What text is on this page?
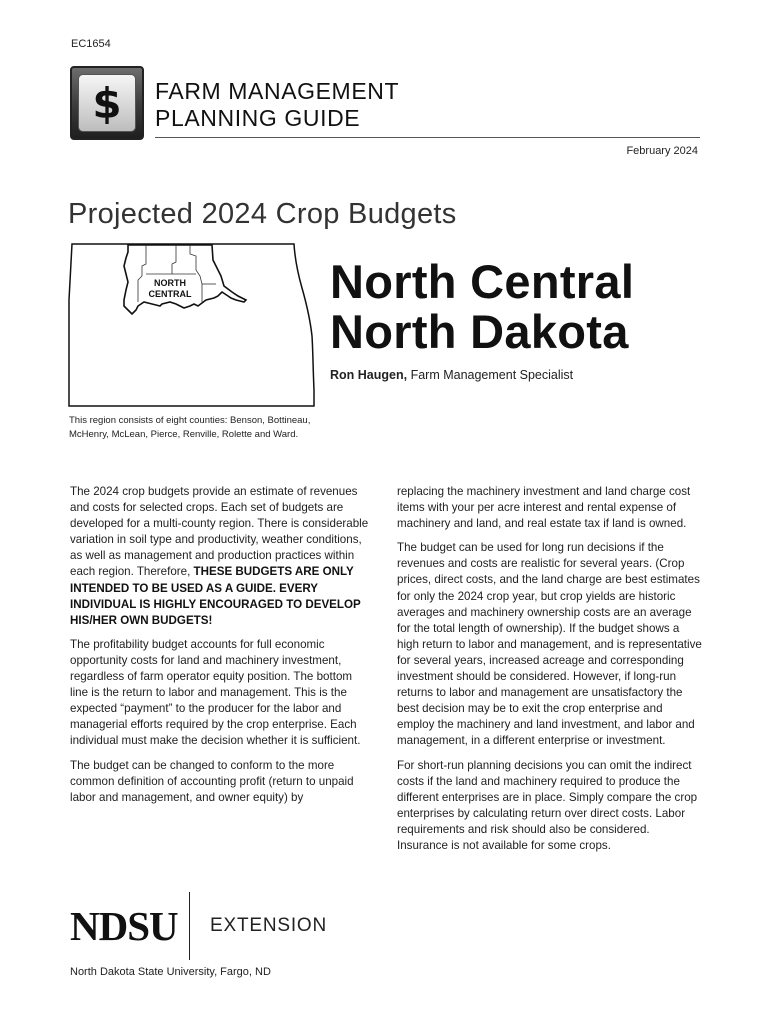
EC1654
$	FARM MANAGEMENT
PLANNING GUIDE
February 2024
Projected 2024 Crop Budgets
NORTH
CENTRAL	North Central
North Dakota
Ron Haugen, Farm Management Specialist
This region consists of eight counties: Benson, Bottineau, McHenry, McLean, Pierce, Renville, Rolette and Ward.

The 2024 crop budgets provide an estimate of revenues and costs for selected crops. Each set of budgets are developed for a multi-county region. There is considerable variation in soil type and productivity, weather conditions, as well as management and production practices within each region. Therefore, THESE BUDGETS ARE ONLY INTENDED TO BE USED AS A GUIDE. EVERY INDIVIDUAL IS HIGHLY ENCOURAGED TO DEVELOP HIS/HER OWN BUDGETS!

The profitability budget accounts for full economic opportunity costs for land and machinery investment, regardless of farm operator equity position. The bottom line is the return to labor and management. This is the expected “payment” to the producer for the labor and managerial efforts required by the crop enterprise. Each individual must make the decision whether it is sufficient.

The budget can be changed to conform to the more common definition of accounting profit (return to unpaid labor and management, and owner equity) by

replacing the machinery investment and land charge cost items with your per acre interest and rental expense of machinery and land, and real estate tax if land is owned.

The budget can be used for long run decisions if the revenues and costs are realistic for several years. (Crop prices, direct costs, and the land charge are best estimates for only the 2024 crop year, but crop yields are historic averages and machinery ownership costs are an average for the total length of ownership). If the budget shows a high return to labor and management, and is representative for several years, increased acreage and corresponding investment should be considered. However, if long-run returns to labor and management are unsatisfactory the best decision may be to exit the crop enterprise and employ the machinery and land investment, and labor and management, in a different enterprise or investment.

For short-run planning decisions you can omit the indirect costs if the land and machinery required to produce the different enterprises are in place. Simply compare the crop enterprises by calculating return over direct costs. Labor requirements and risk should also be considered. Insurance is not available for some crops.

NDSU EXTENSION
North Dakota State University, Fargo, ND
